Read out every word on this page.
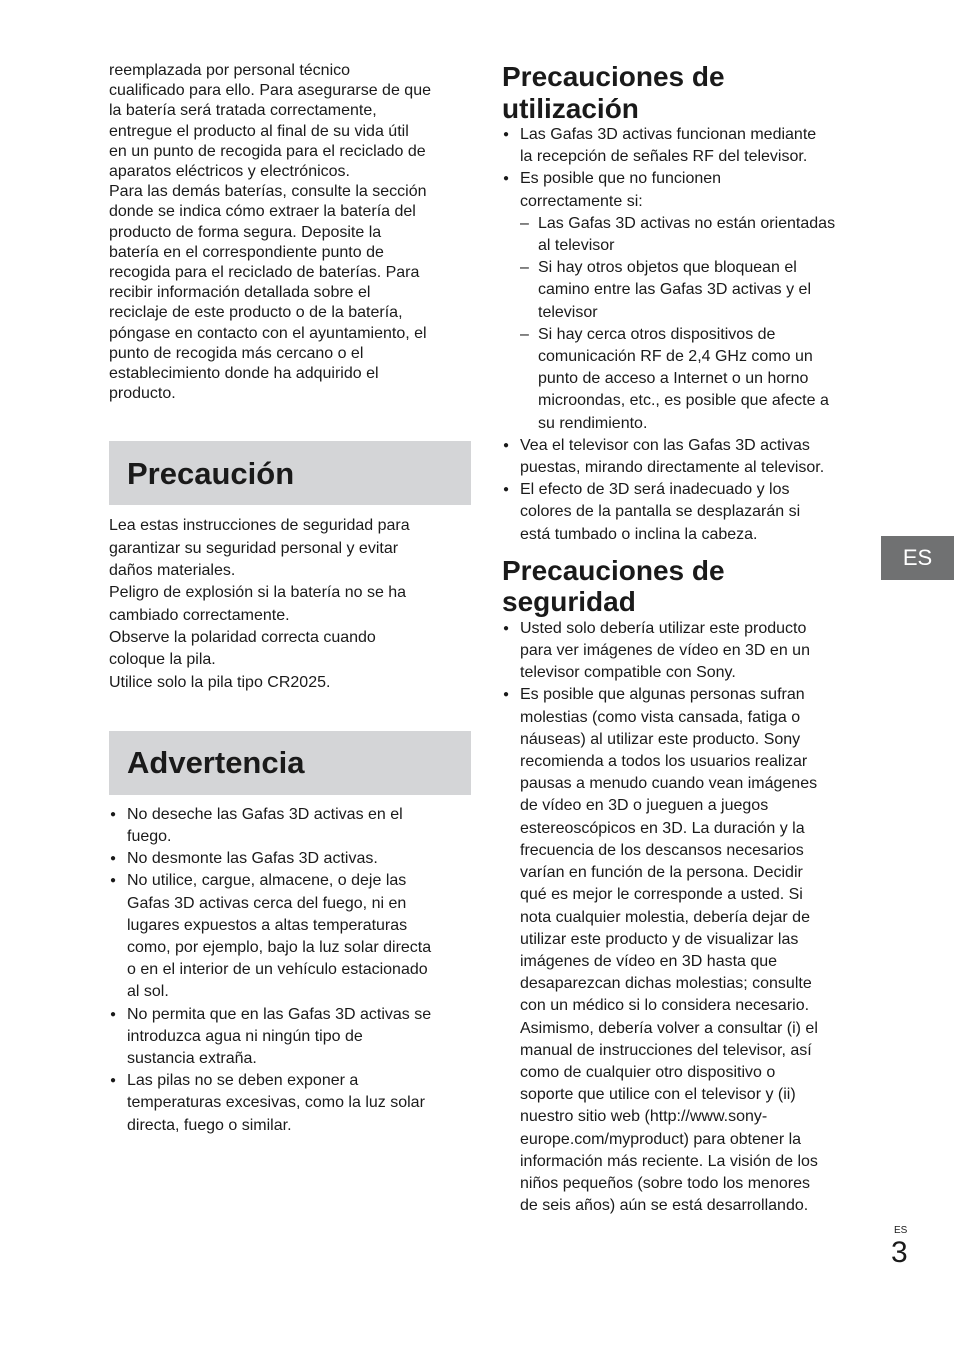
reemplazada por personal técnico

cualificado para ello. Para asegurarse de que

la batería será tratada correctamente,

entregue el producto al final de su vida útil

en un punto de recogida para el reciclado de

aparatos eléctricos y electrónicos.

Para las demás baterías, consulte la sección

donde se indica cómo extraer la batería del

producto de forma segura. Deposite la

batería en el correspondiente punto de

recogida para el reciclado de baterías. Para

recibir información detallada sobre el

reciclaje de este producto o de la batería,

póngase en contacto con el ayuntamiento, el

punto de recogida más cercano o el

establecimiento donde ha adquirido el

producto.

Precaución

Lea estas instrucciones de seguridad para

garantizar su seguridad personal y evitar

daños materiales.

Peligro de explosión si la batería no se ha

cambiado correctamente.

Observe la polaridad correcta cuando

coloque la pila.

Utilice solo la pila tipo CR2025.

Advertencia
● No deseche las Gafas 3D activas en el
fuego.
● No desmonte las Gafas 3D activas.
● No utilice, cargue, almacene, o deje las
Gafas 3D activas cerca del fuego, ni en
lugares expuestos a altas temperaturas
como, por ejemplo, bajo la luz solar directa
o en el interior de un vehículo estacionado
al sol.
● No permita que en las Gafas 3D activas se
introduzca agua ni ningún tipo de
sustancia extraña.
● Las pilas no se deben exponer a
temperaturas excesivas, como la luz solar
directa, fuego o similar.
Precauciones de
utilización
● Las Gafas 3D activas funcionan mediante
la recepción de señales RF del televisor.
● Es posible que no funcionen
correctamente si:
– Las Gafas 3D activas no están orientadas
al televisor
– Si hay otros objetos que bloquean el
camino entre las Gafas 3D activas y el
televisor
– Si hay cerca otros dispositivos de
comunicación RF de 2,4 GHz como un
punto de acceso a Internet o un horno
microondas, etc., es posible que afecte a
su rendimiento.
● Vea el televisor con las Gafas 3D activas
puestas, mirando directamente al televisor.
● El efecto de 3D será inadecuado y los
colores de la pantalla se desplazarán si
está tumbado o inclina la cabeza.
Precauciones de
seguridad
● Usted solo debería utilizar este producto
para ver imágenes de vídeo en 3D en un
televisor compatible con Sony.
● Es posible que algunas personas sufran
molestias (como vista cansada, fatiga o
náuseas) al utilizar este producto. Sony
recomienda a todos los usuarios realizar
pausas a menudo cuando vean imágenes
de vídeo en 3D o jueguen a juegos
estereoscópicos en 3D. La duración y la
frecuencia de los descansos necesarios
varían en función de la persona. Decidir
qué es mejor le corresponde a usted. Si
nota cualquier molestia, debería dejar de
utilizar este producto y de visualizar las
imágenes de vídeo en 3D hasta que
desaparezcan dichas molestias; consulte
con un médico si lo considera necesario.
Asimismo, debería volver a consultar (i) el
manual de instrucciones del televisor, así
como de cualquier otro dispositivo o
soporte que utilice con el televisor y (ii)
nuestro sitio web (http://www.sony-
europe.com/myproduct) para obtener la
información más reciente. La visión de los
niños pequeños (sobre todo los menores
de seis años) aún se está desarrollando.
ES
ES
3
